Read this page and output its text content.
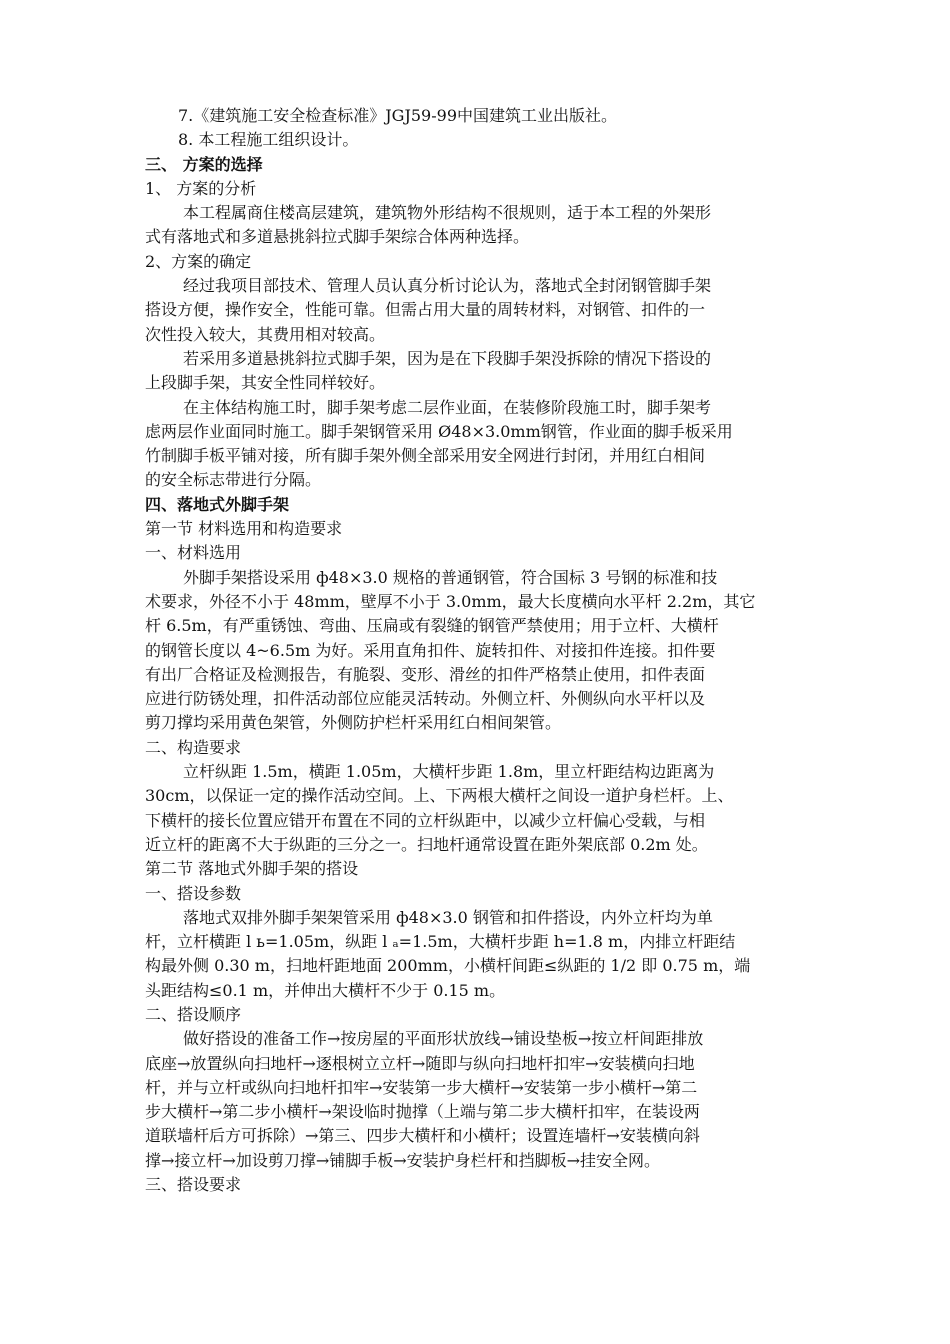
7.《建筑施工安全检查标准》JGJ59-99中国建筑工业出版社。
8. 本工程施工组织设计。
三、 方案的选择
1、 方案的分析
本工程属商住楼高层建筑，建筑物外形结构不很规则，适于本工程的外架形
式有落地式和多道悬挑斜拉式脚手架综合体两种选择。
2、方案的确定
经过我项目部技术、管理人员认真分析讨论认为，落地式全封闭钢管脚手架
搭设方便，操作安全，性能可靠。但需占用大量的周转材料，对钢管、扣件的一
次性投入较大，其费用相对较高。
若采用多道悬挑斜拉式脚手架，因为是在下段脚手架没拆除的情况下搭设的
上段脚手架，其安全性同样较好。
在主体结构施工时，脚手架考虑二层作业面，在装修阶段施工时，脚手架考
虑两层作业面同时施工。脚手架钢管采用 Ø48×3.0mm钢管，作业面的脚手板采用
竹制脚手板平铺对接，所有脚手架外侧全部采用安全网进行封闭，并用红白相间
的安全标志带进行分隔。
四、落地式外脚手架
第一节 材料选用和构造要求
一、材料选用
外脚手架搭设采用 ф48×3.0 规格的普通钢管，符合国标 3 号钢的标准和技
术要求，外径不小于 48mm，壁厚不小于 3.0mm，最大长度横向水平杆 2.2m，其它
杆 6.5m，有严重锈蚀、弯曲、压扁或有裂缝的钢管严禁使用；用于立杆、大横杆
的钢管长度以 4~6.5m 为好。采用直角扣件、旋转扣件、对接扣件连接。扣件要
有出厂合格证及检测报告，有脆裂、变形、滑丝的扣件严格禁止使用，扣件表面
应进行防锈处理，扣件活动部位应能灵活转动。外侧立杆、外侧纵向水平杆以及
剪刀撑均采用黄色架管，外侧防护栏杆采用红白相间架管。
二、构造要求
立杆纵距 1.5m，横距 1.05m，大横杆步距 1.8m，里立杆距结构边距离为
30cm，以保证一定的操作活动空间。上、下两根大横杆之间设一道护身栏杆。上、
下横杆的接长位置应错开布置在不同的立杆纵距中，以减少立杆偏心受载，与相
近立杆的距离不大于纵距的三分之一。扫地杆通常设置在距外架底部 0.2m 处。
第二节 落地式外脚手架的搭设
一、搭设参数
落地式双排外脚手架架管采用 ф48×3.0 钢管和扣件搭设，内外立杆均为单
杆，立杆横距 l ь=1.05m，纵距 l ₐ=1.5m，大横杆步距 h=1.8 m，内排立杆距结
构最外侧 0.30 m，扫地杆距地面 200mm，小横杆间距≤纵距的 1/2 即 0.75 m，端
头距结构≤0.1 m，并伸出大横杆不少于 0.15 m。
二、搭设顺序
做好搭设的准备工作→按房屋的平面形状放线→铺设垫板→按立杆间距排放
底座→放置纵向扫地杆→逐根树立立杆→随即与纵向扫地杆扣牢→安装横向扫地
杆，并与立杆或纵向扫地杆扣牢→安装第一步大横杆→安装第一步小横杆→第二
步大横杆→第二步小横杆→架设临时抛撑（上端与第二步大横杆扣牢，在装设两
道联墙杆后方可拆除）→第三、四步大横杆和小横杆；设置连墙杆→安装横向斜
撑→接立杆→加设剪刀撑→铺脚手板→安装护身栏杆和挡脚板→挂安全网。
三、搭设要求
